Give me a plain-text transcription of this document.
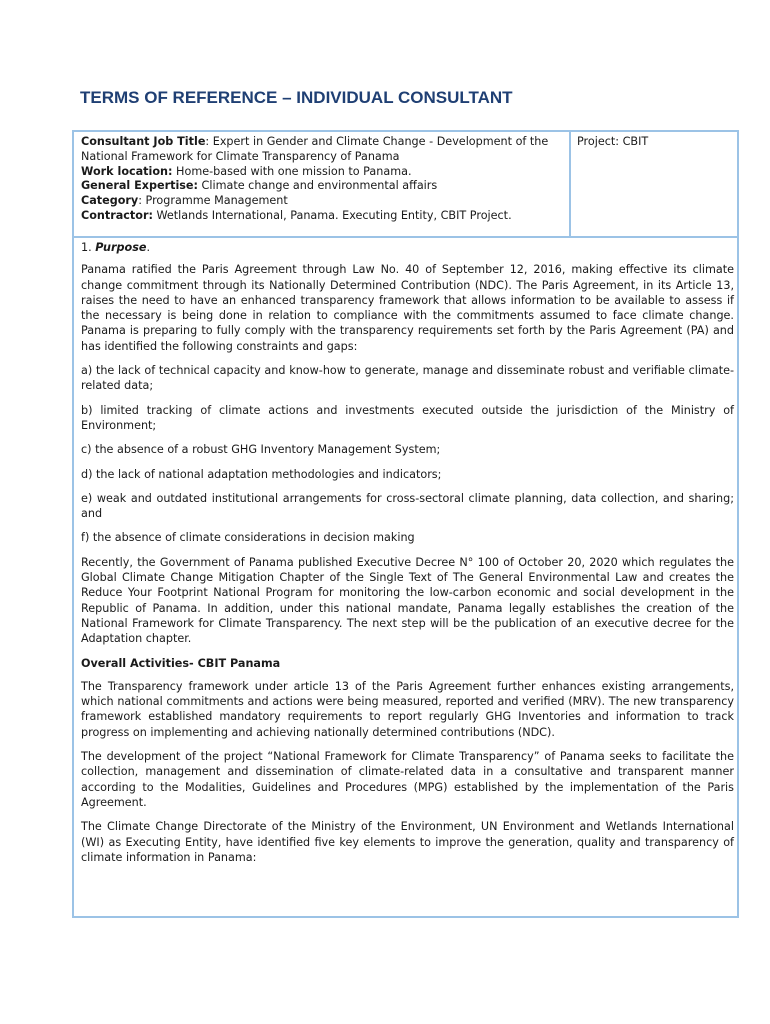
TERMS OF REFERENCE – INDIVIDUAL CONSULTANT
Consultant Job Title: Expert in Gender and Climate Change - Development of the National Framework for Climate Transparency of Panama
Work location: Home-based with one mission to Panama.
General Expertise: Climate change and environmental affairs
Category: Programme Management
Contractor: Wetlands International, Panama. Executing Entity, CBIT Project.
Project: CBIT

1. Purpose.

Panama ratified the Paris Agreement through Law No. 40 of September 12, 2016, making effective its climate change commitment through its Nationally Determined Contribution (NDC). The Paris Agreement, in its Article 13, raises the need to have an enhanced transparency framework that allows information to be available to assess if the necessary is being done in relation to compliance with the commitments assumed to face climate change. Panama is preparing to fully comply with the transparency requirements set forth by the Paris Agreement (PA) and has identified the following constraints and gaps:

a) the lack of technical capacity and know-how to generate, manage and disseminate robust and verifiable climate-related data;

b) limited tracking of climate actions and investments executed outside the jurisdiction of the Ministry of Environment;

c) the absence of a robust GHG Inventory Management System;

d) the lack of national adaptation methodologies and indicators;

e) weak and outdated institutional arrangements for cross-sectoral climate planning, data collection, and sharing; and

f) the absence of climate considerations in decision making

Recently, the Government of Panama published Executive Decree N° 100 of October 20, 2020 which regulates the Global Climate Change Mitigation Chapter of the Single Text of The General Environmental Law and creates the Reduce Your Footprint National Program for monitoring the low-carbon economic and social development in the Republic of Panama. In addition, under this national mandate, Panama legally establishes the creation of the National Framework for Climate Transparency. The next step will be the publication of an executive decree for the Adaptation chapter.

Overall Activities- CBIT Panama

The Transparency framework under article 13 of the Paris Agreement further enhances existing arrangements, which national commitments and actions were being measured, reported and verified (MRV). The new transparency framework established mandatory requirements to report regularly GHG Inventories and information to track progress on implementing and achieving nationally determined contributions (NDC).

The development of the project “National Framework for Climate Transparency” of Panama seeks to facilitate the collection, management and dissemination of climate-related data in a consultative and transparent manner according to the Modalities, Guidelines and Procedures (MPG) established by the implementation of the Paris Agreement.

The Climate Change Directorate of the Ministry of the Environment, UN Environment and Wetlands International (WI) as Executing Entity, have identified five key elements to improve the generation, quality and transparency of climate information in Panama:
